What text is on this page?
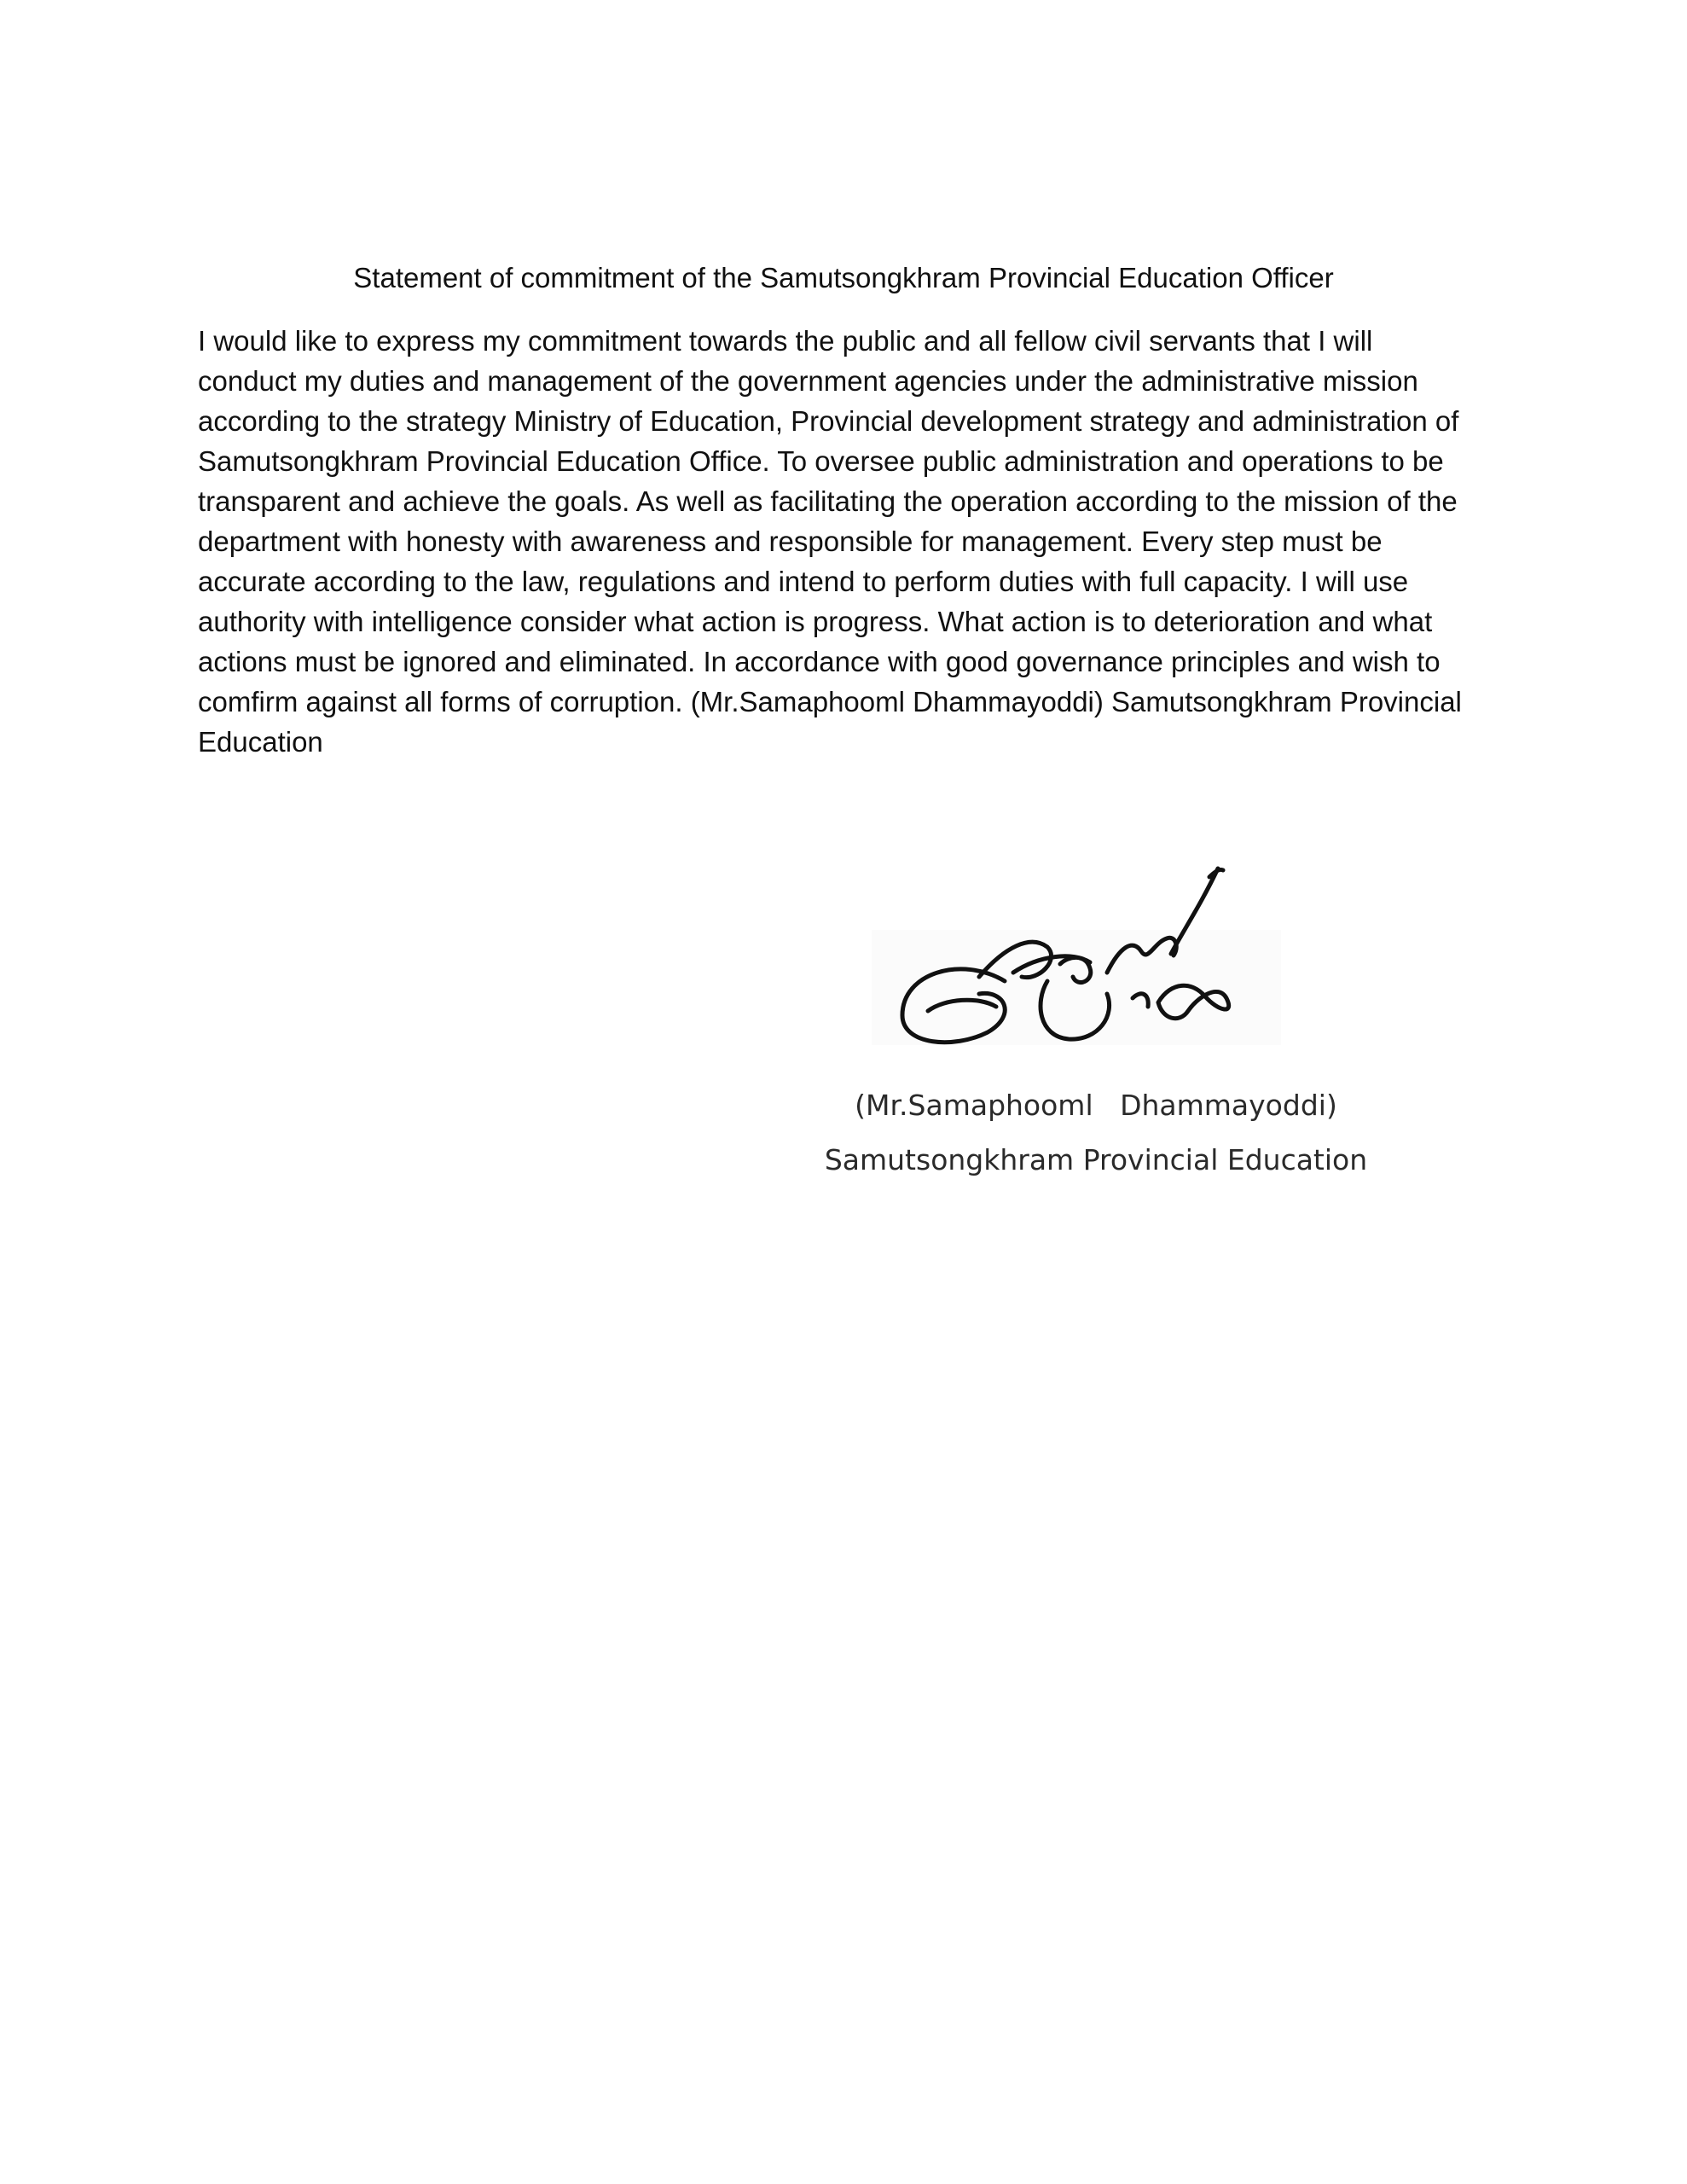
Statement of commitment of the Samutsongkhram Provincial Education Officer
I would like to express my commitment towards the public and all fellow civil servants that I will
conduct my duties and management of the government agencies under the administrative mission
according to the strategy Ministry of Education, Provincial development strategy and administration of
Samutsongkhram Provincial Education Office. To oversee public administration and operations to be
transparent and achieve the goals. As well as facilitating the operation according to the mission of the
department with honesty with awareness and responsible for management. Every step must be
accurate according to the law, regulations and intend to perform duties with full capacity. I will use
authority with intelligence consider what action is progress. What action is to deterioration and what
actions must be ignored and eliminated. In accordance with good governance principles and wish to
comfirm against all forms of corruption. (Mr.Samaphooml Dhammayoddi) Samutsongkhram Provincial
Education
(Mr.Samaphooml   Dhammayoddi)
Samutsongkhram Provincial Education
